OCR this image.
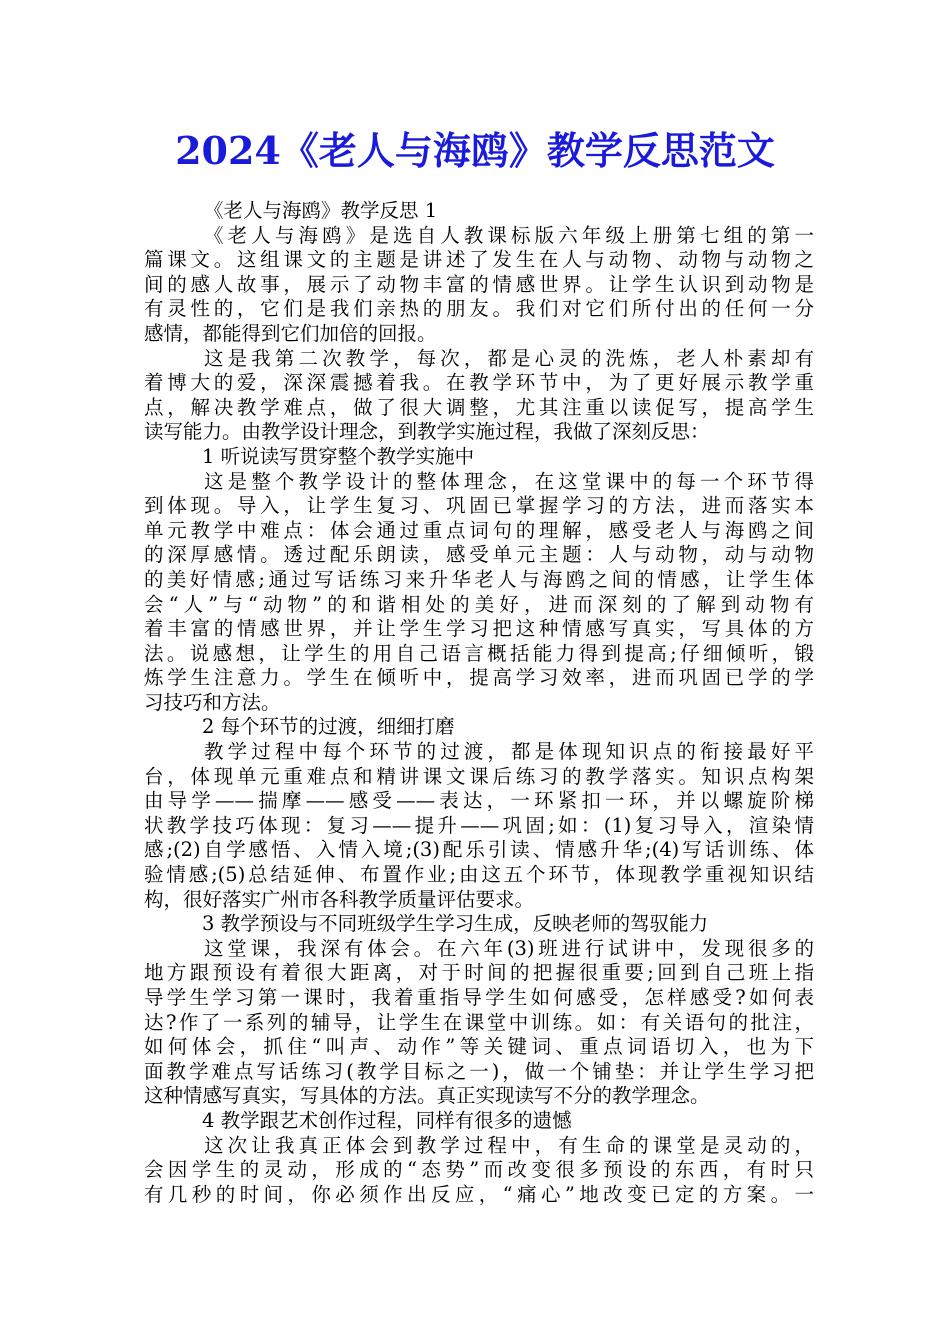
2024《老人与海鸥》教学反思范文
《老人与海鸥》教学反思 1
《老人与海鸥》是选自人教课标版六年级上册第七组的第一
篇课文。这组课文的主题是讲述了发生在人与动物、动物与动物之
间的感人故事，展示了动物丰富的情感世界。让学生认识到动物是
有灵性的，它们是我们亲热的朋友。我们对它们所付出的任何一分
感情，都能得到它们加倍的回报。
这是我第二次教学，每次，都是心灵的洗炼，老人朴素却有
着博大的爱，深深震撼着我。在教学环节中，为了更好展示教学重
点，解决教学难点，做了很大调整，尤其注重以读促写，提高学生
读写能力。由教学设计理念，到教学实施过程，我做了深刻反思：
1 听说读写贯穿整个教学实施中
这是整个教学设计的整体理念，在这堂课中的每一个环节得
到体现。导入，让学生复习、巩固已掌握学习的方法，进而落实本
单元教学中难点：体会通过重点词句的理解，感受老人与海鸥之间
的深厚感情。透过配乐朗读，感受单元主题：人与动物，动与动物
的美好情感;通过写话练习来升华老人与海鸥之间的情感，让学生体
会“人”与“动物”的和谐相处的美好，进而深刻的了解到动物有
着丰富的情感世界，并让学生学习把这种情感写真实，写具体的方
法。说感想，让学生的用自己语言概括能力得到提高;仔细倾听，锻
炼学生注意力。学生在倾听中，提高学习效率，进而巩固已学的学
习技巧和方法。
2 每个环节的过渡，细细打磨
教学过程中每个环节的过渡，都是体现知识点的衔接最好平
台，体现单元重难点和精讲课文课后练习的教学落实。知识点构架
由导学——揣摩——感受——表达，一环紧扣一环，并以螺旋阶梯
状教学技巧体现：复习——提升——巩固;如：(1)复习导入，渲染情
感;(2)自学感悟、入情入境;(3)配乐引读、情感升华;(4)写话训练、体
验情感;(5)总结延伸、布置作业;由这五个环节，体现教学重视知识结
构，很好落实广州市各科教学质量评估要求。
3 教学预设与不同班级学生学习生成，反映老师的驾驭能力
这堂课，我深有体会。在六年(3)班进行试讲中，发现很多的
地方跟预设有着很大距离，对于时间的把握很重要;回到自己班上指
导学生学习第一课时，我着重指导学生如何感受，怎样感受?如何表
达?作了一系列的辅导，让学生在课堂中训练。如：有关语句的批注，
如何体会，抓住“叫声、动作”等关键词、重点词语切入，也为下
面教学难点写话练习(教学目标之一)，做一个铺垫：并让学生学习把
这种情感写真实，写具体的方法。真正实现读写不分的教学理念。
4 教学跟艺术创作过程，同样有很多的遗憾
这次让我真正体会到教学过程中，有生命的课堂是灵动的，
会因学生的灵动，形成的“态势”而改变很多预设的东西，有时只
有几秒的时间，你必须作出反应，“痛心”地改变已定的方案。一
